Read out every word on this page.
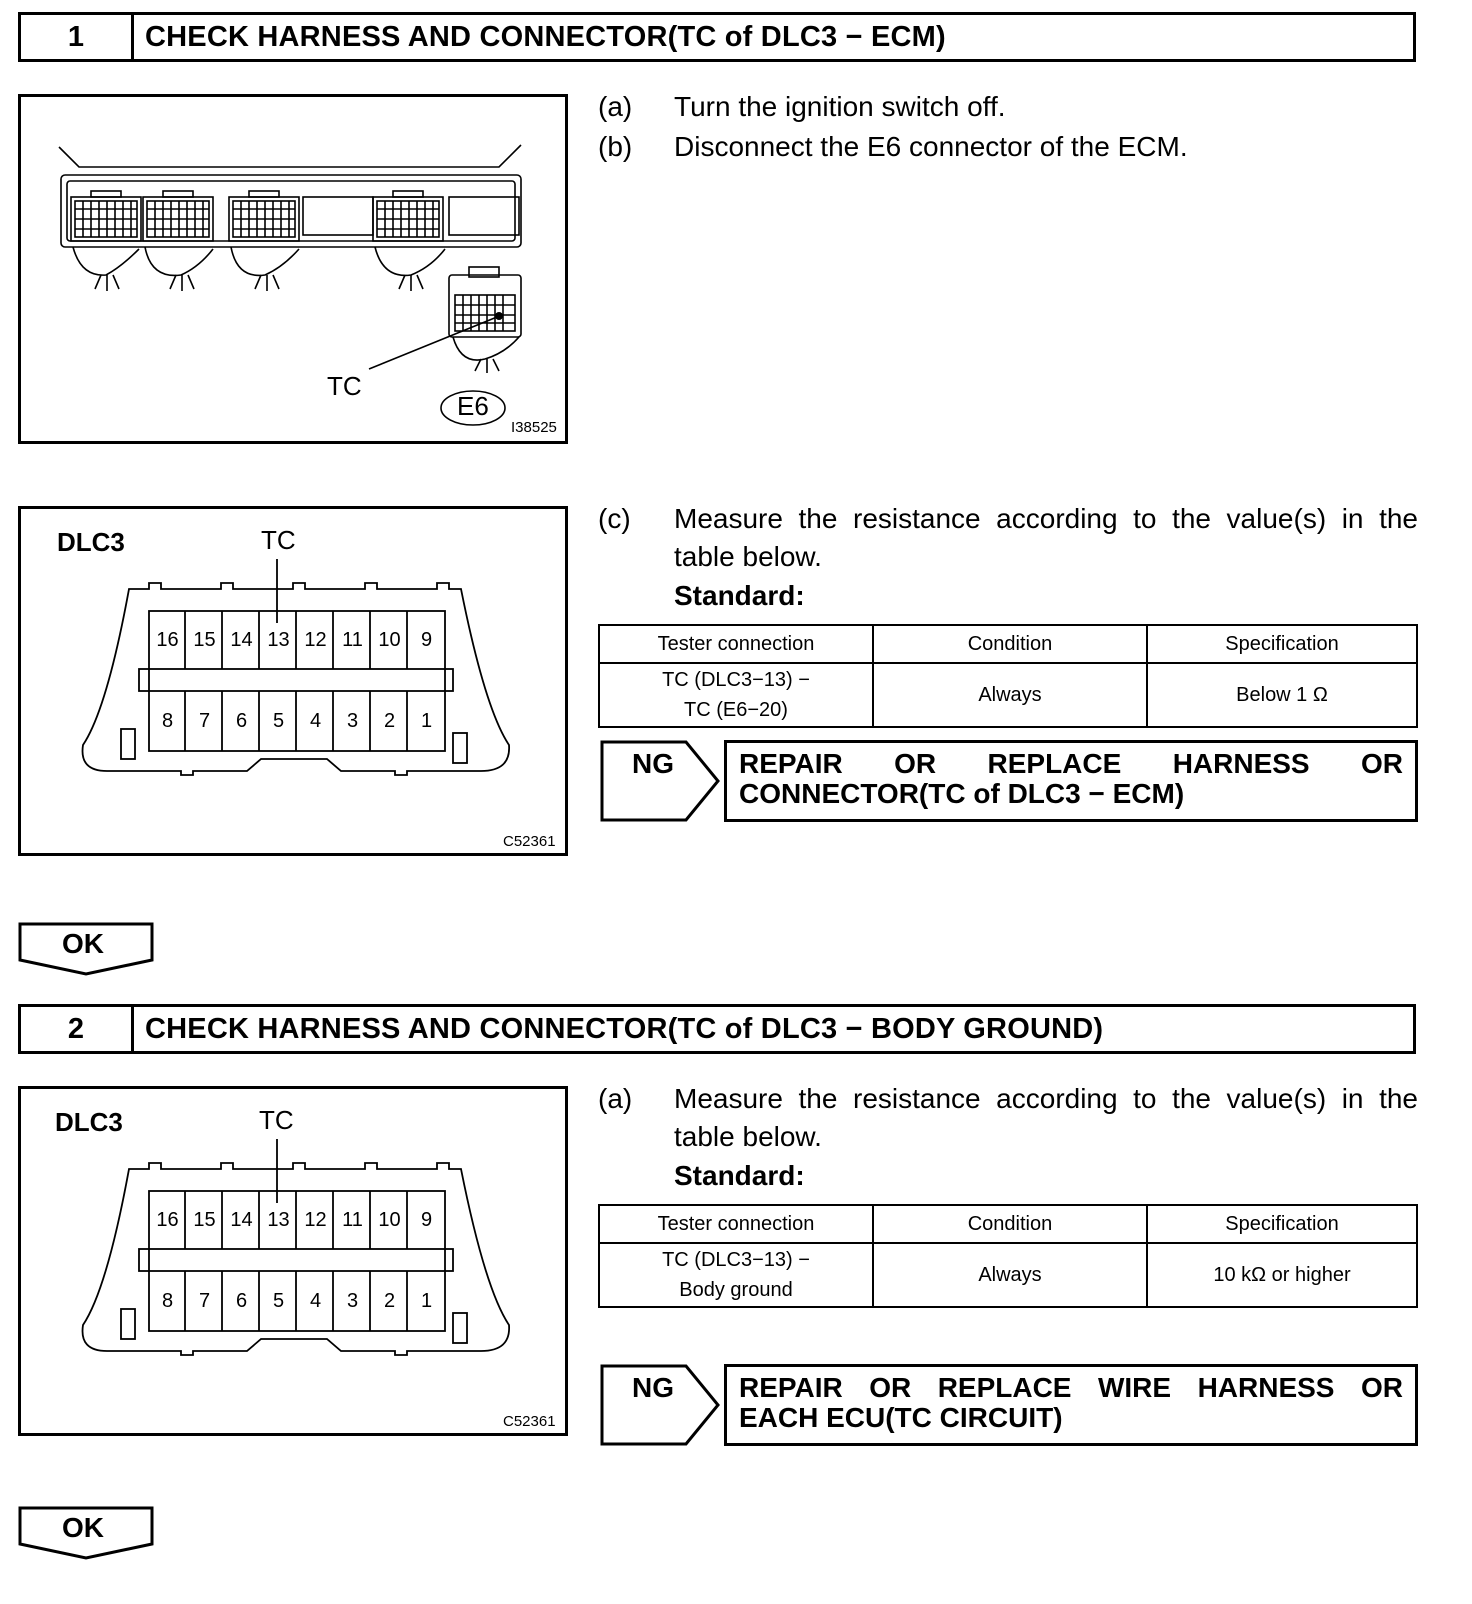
1	CHECK HARNESS AND CONNECTOR(TC of DLC3 − ECM)
TC
E6
I38525
(a) Turn the ignition switch off.
(b) Disconnect the E6 connector of the ECM.
DLC3	TC
16 15 14 13 12 11 10	9
8	7	6	5	4	3	2	1
C52361
(c) Measure the resistance according to the value(s) in the table below.
Standard:
Tester connection	Condition	Specification

TC (DLC3−13) −
TC (E6−20)	Always	Below 1 Ω
NG REPAIR OR REPLACE HARNESS OR
CONNECTOR(TC of DLC3 − ECM)
OK
2	CHECK HARNESS AND CONNECTOR(TC of DLC3 − BODY GROUND)
DLC3	TC
16 15 14 13 12 11 10	9
8	7	6	5	4	3	2	1
C52361
(a) Measure the resistance according to the value(s) in the table below.
Standard:
Tester connection	Condition	Specification

TC (DLC3−13) −
Body ground	Always	10 kΩ or higher
NG REPAIR OR REPLACE WIRE HARNESS OR
EACH ECU(TC CIRCUIT)
OK
